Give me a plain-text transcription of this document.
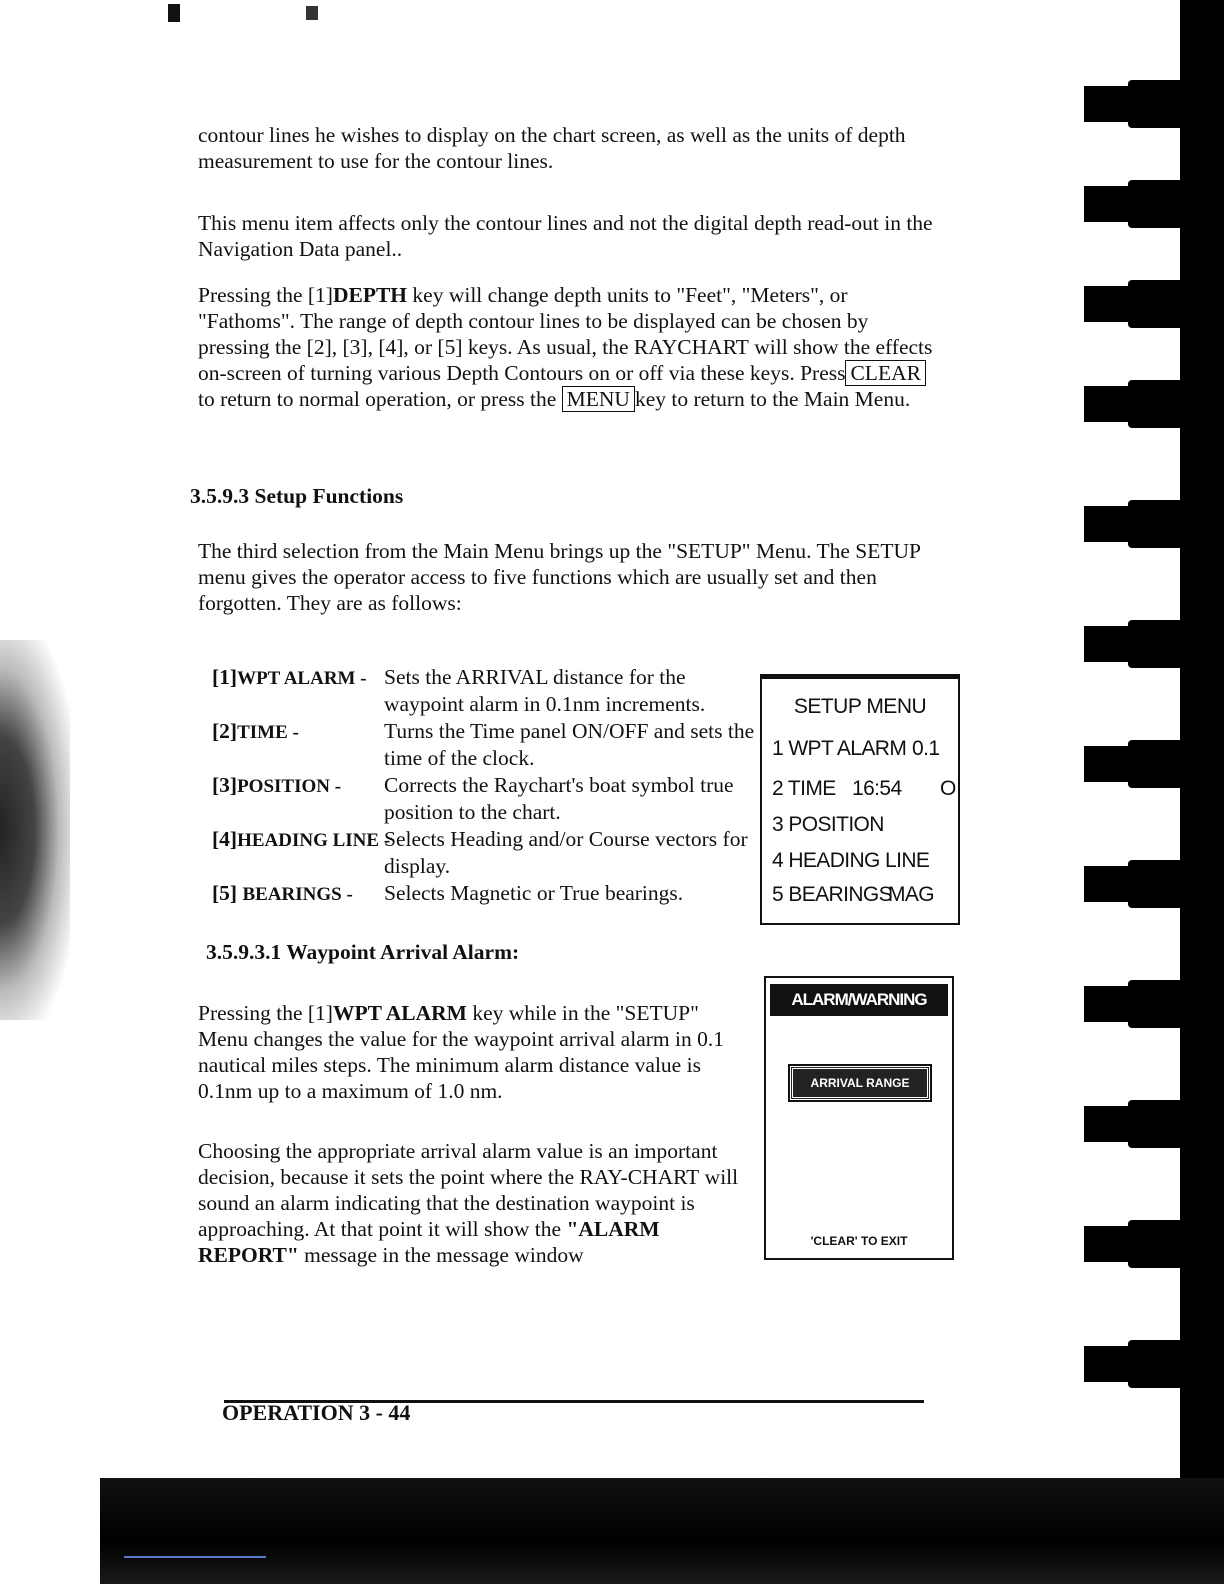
contour lines he wishes to display on the chart screen, as well as the units of depth measurement to use for the contour lines.

This menu item affects only the contour lines and not the digital depth read-out in the Navigation Data panel..

Pressing the [1]DEPTH key will change depth units to "Feet", "Meters", or "Fathoms". The range of depth contour lines to be displayed can be chosen by pressing the [2], [3], [4], or [5] keys. As usual, the RAYCHART will show the effects on-screen of turning various Depth Contours on or off via these keys. Press CLEAR to return to normal operation, or press the MENU key to return to the Main Menu.

3.5.9.3 Setup Functions

The third selection from the Main Menu brings up the "SETUP" Menu. The SETUP menu gives the operator access to five functions which are usually set and then forgotten. They are as follows:

[1]WPT ALARM - Sets the ARRIVAL distance for the waypoint alarm in 0.1nm increments.
[2]TIME -	Turns the Time panel ON/OFF and sets the time of the clock.
[3]POSITION - Corrects the Raychart's boat symbol true position to the chart.
[4]HEADING LINE -
Selects Heading and/or Course vectors for display.
[5] BEARINGS - Selects Magnetic or True bearings.
SETUP MENU
1 WPT ALARM 0.1
2 TIME 16:54 O
3 POSITION
4 HEADING LINE
5 BEARINGS
MAG
3.5.9.3.1 Waypoint Arrival Alarm:

Pressing the [1]WPT ALARM key while in the "SETUP" Menu changes the value for the waypoint arrival alarm in 0.1 nautical miles steps. The minimum alarm distance value is 0.1nm up to a maximum of 1.0 nm.

ALARM/WARNING REPORT
ARRIVAL RANGE
'CLEAR' TO EXIT

Choosing the appropriate arrival alarm value is an important decision, because it sets the point where the RAY-CHART will sound an alarm indicating that the destination waypoint is approaching. At that point it will show the "ALARM REPORT" message in the message window

OPERATION 3 - 44
